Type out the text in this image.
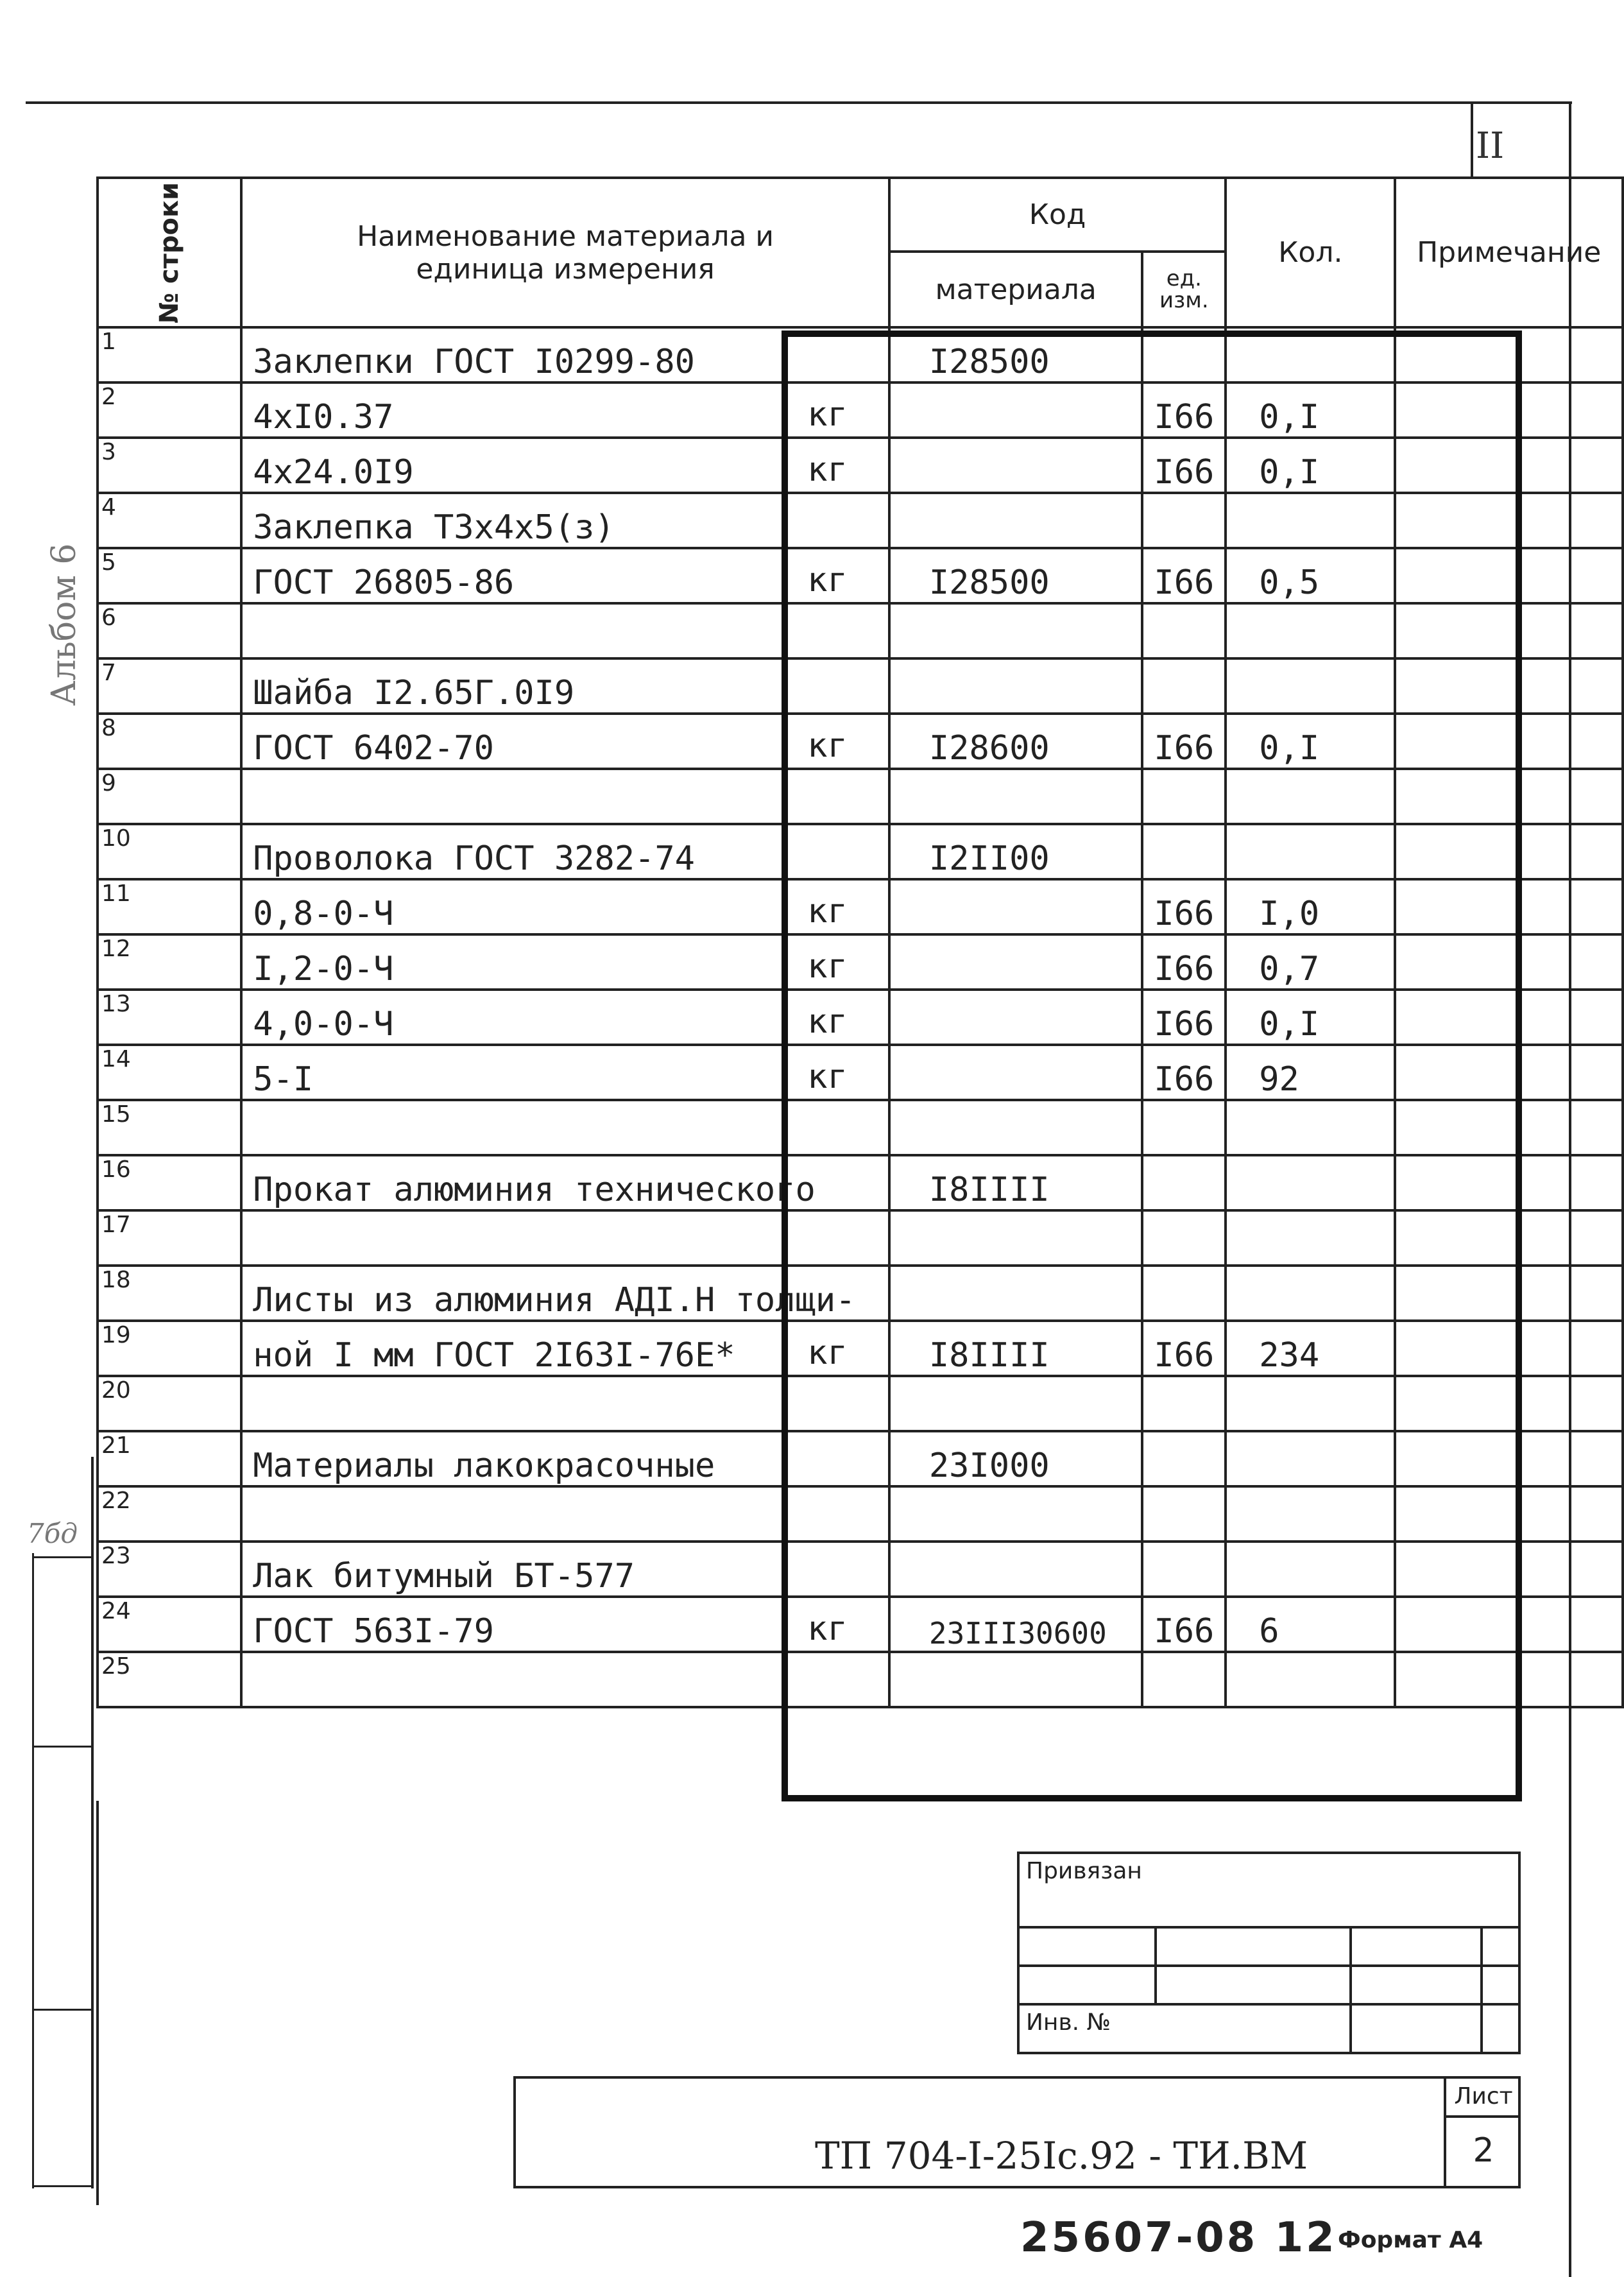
II
Альбом 6
7бд
№ строки	Наименование материала и единица измерения	Код		Кол.	Примечание
		материала	ед. изм.		
1	Заклепки ГОСТ I0299-80	I28500			
2	4хI0.37 кг		I66	0,I	
3	4х24.0I9 кг		I66	0,I	
4	Заклепка Т3х4х5(з)

5	ГОСТ 26805-86 кг	I28500	I66	0,5	
6	

7	Шайба I2.65Г.0I9

8	ГОСТ 6402-70 кг	I28600	I66	0,I	
9	

10	Проволока ГОСТ 3282-74	I2II00			
11	0,8-0-Ч кг		I66	I,0	
12	I,2-0-Ч кг		I66	0,7	
13	4,0-0-Ч кг		I66	0,I	
14	5-I кг		I66	92	
15	

16	Прокат алюминия технического	I8IIII			
17	

18	Листы из алюминия АДI.Н толщи-

19	ной I мм ГОСТ 2I63I-76Е* кг	I8IIII	I66	234	
20	

21	Материалы лакокрасочные	23I000			
22	

23	Лак битумный БТ-577

24	ГОСТ 563I-79 кг	23III30600	I66	6	
25	

Привязан			

Инв. №			
ТП 704-I-25Iс.92 - ТИ.ВМ
Лист
2
25607-08 12 Формат А4
